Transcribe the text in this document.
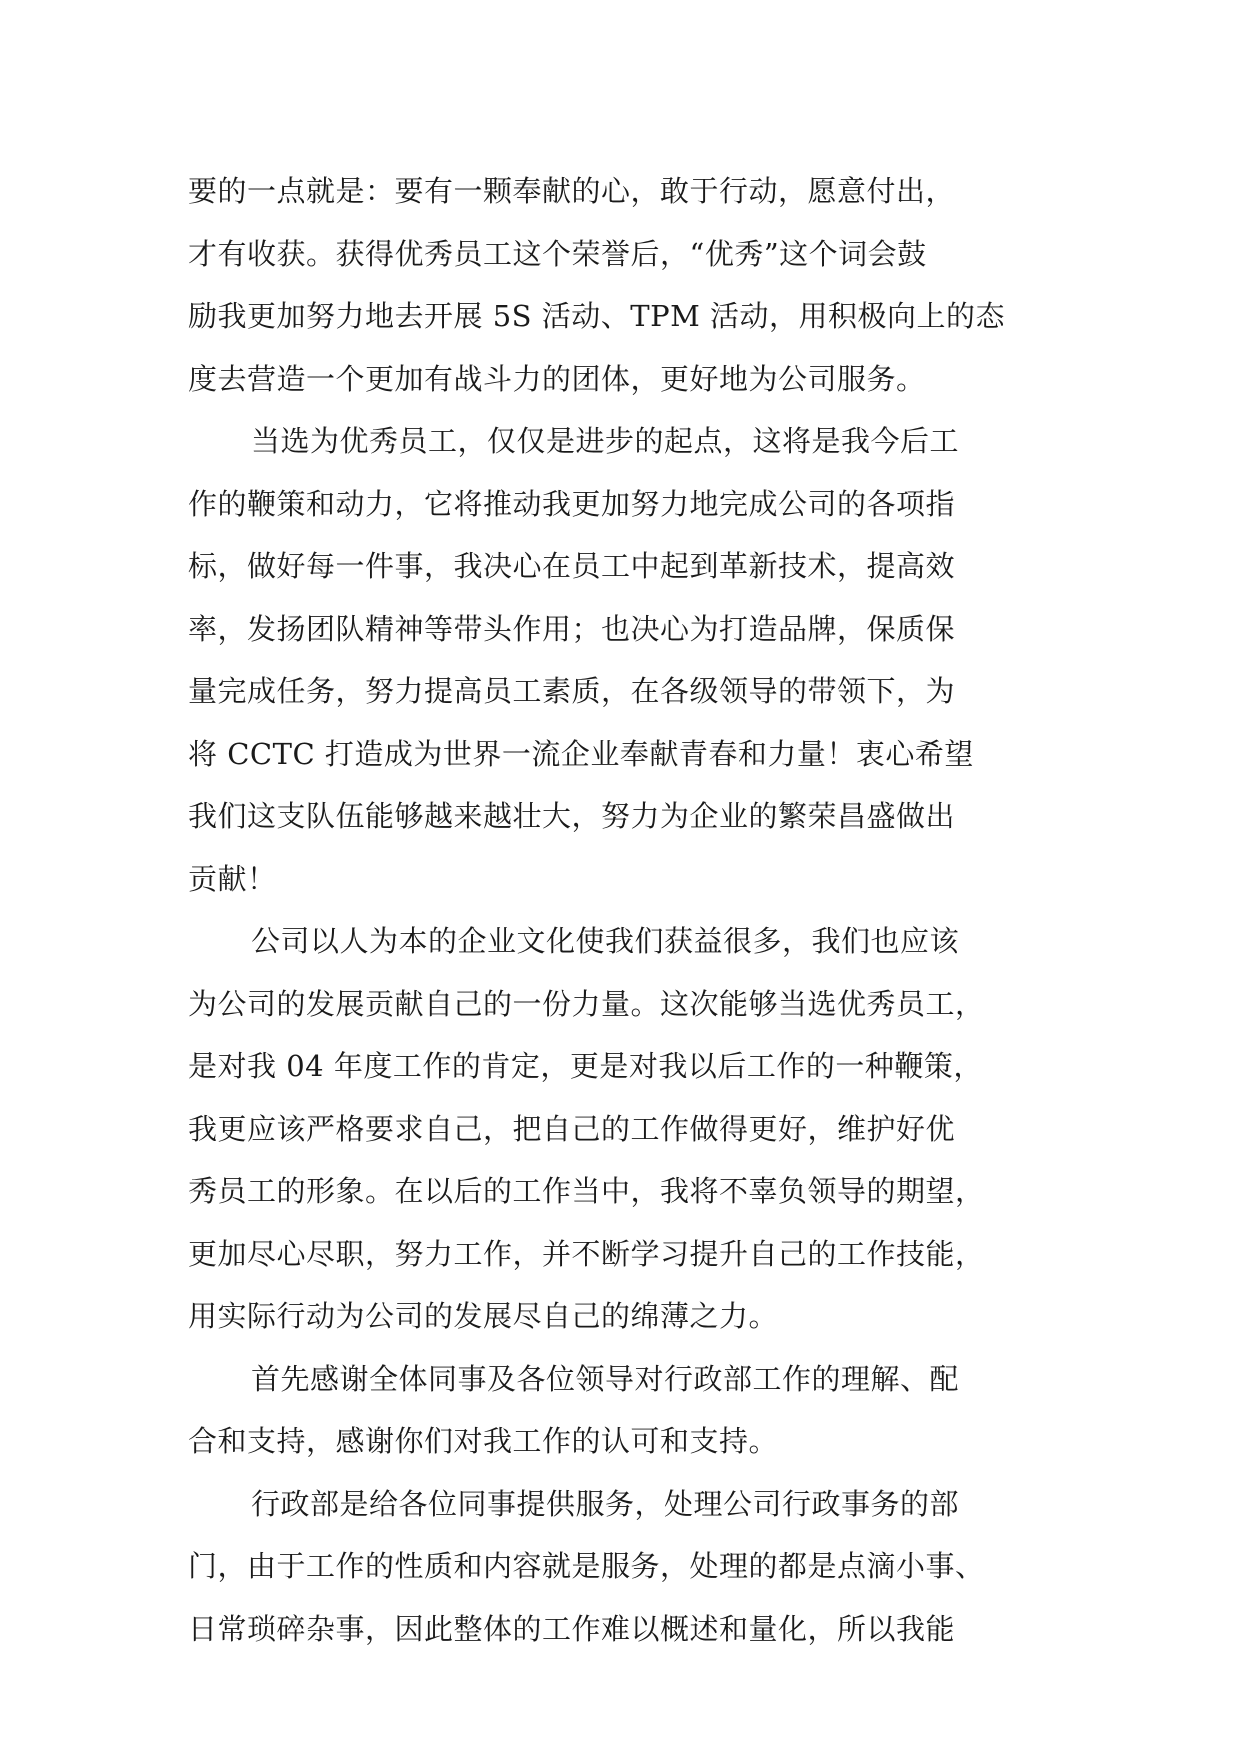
要的一点就是：要有一颗奉献的心，敢于行动，愿意付出，
才有收获。获得优秀员工这个荣誉后，“优秀”这个词会鼓
励我更加努力地去开展 5S 活动、TPM 活动，用积极向上的态
度去营造一个更加有战斗力的团体，更好地为公司服务。
当选为优秀员工，仅仅是进步的起点，这将是我今后工
作的鞭策和动力，它将推动我更加努力地完成公司的各项指
标，做好每一件事，我决心在员工中起到革新技术，提高效
率，发扬团队精神等带头作用；也决心为打造品牌，保质保
量完成任务，努力提高员工素质，在各级领导的带领下，为
将 CCTC 打造成为世界一流企业奉献青春和力量！衷心希望
我们这支队伍能够越来越壮大，努力为企业的繁荣昌盛做出
贡献！
公司以人为本的企业文化使我们获益很多，我们也应该
为公司的发展贡献自己的一份力量。这次能够当选优秀员工，
是对我 04 年度工作的肯定，更是对我以后工作的一种鞭策，
我更应该严格要求自己，把自己的工作做得更好，维护好优
秀员工的形象。在以后的工作当中，我将不辜负领导的期望，
更加尽心尽职，努力工作，并不断学习提升自己的工作技能，
用实际行动为公司的发展尽自己的绵薄之力。
首先感谢全体同事及各位领导对行政部工作的理解、配
合和支持，感谢你们对我工作的认可和支持。
行政部是给各位同事提供服务，处理公司行政事务的部
门，由于工作的性质和内容就是服务，处理的都是点滴小事、
日常琐碎杂事，因此整体的工作难以概述和量化，所以我能
